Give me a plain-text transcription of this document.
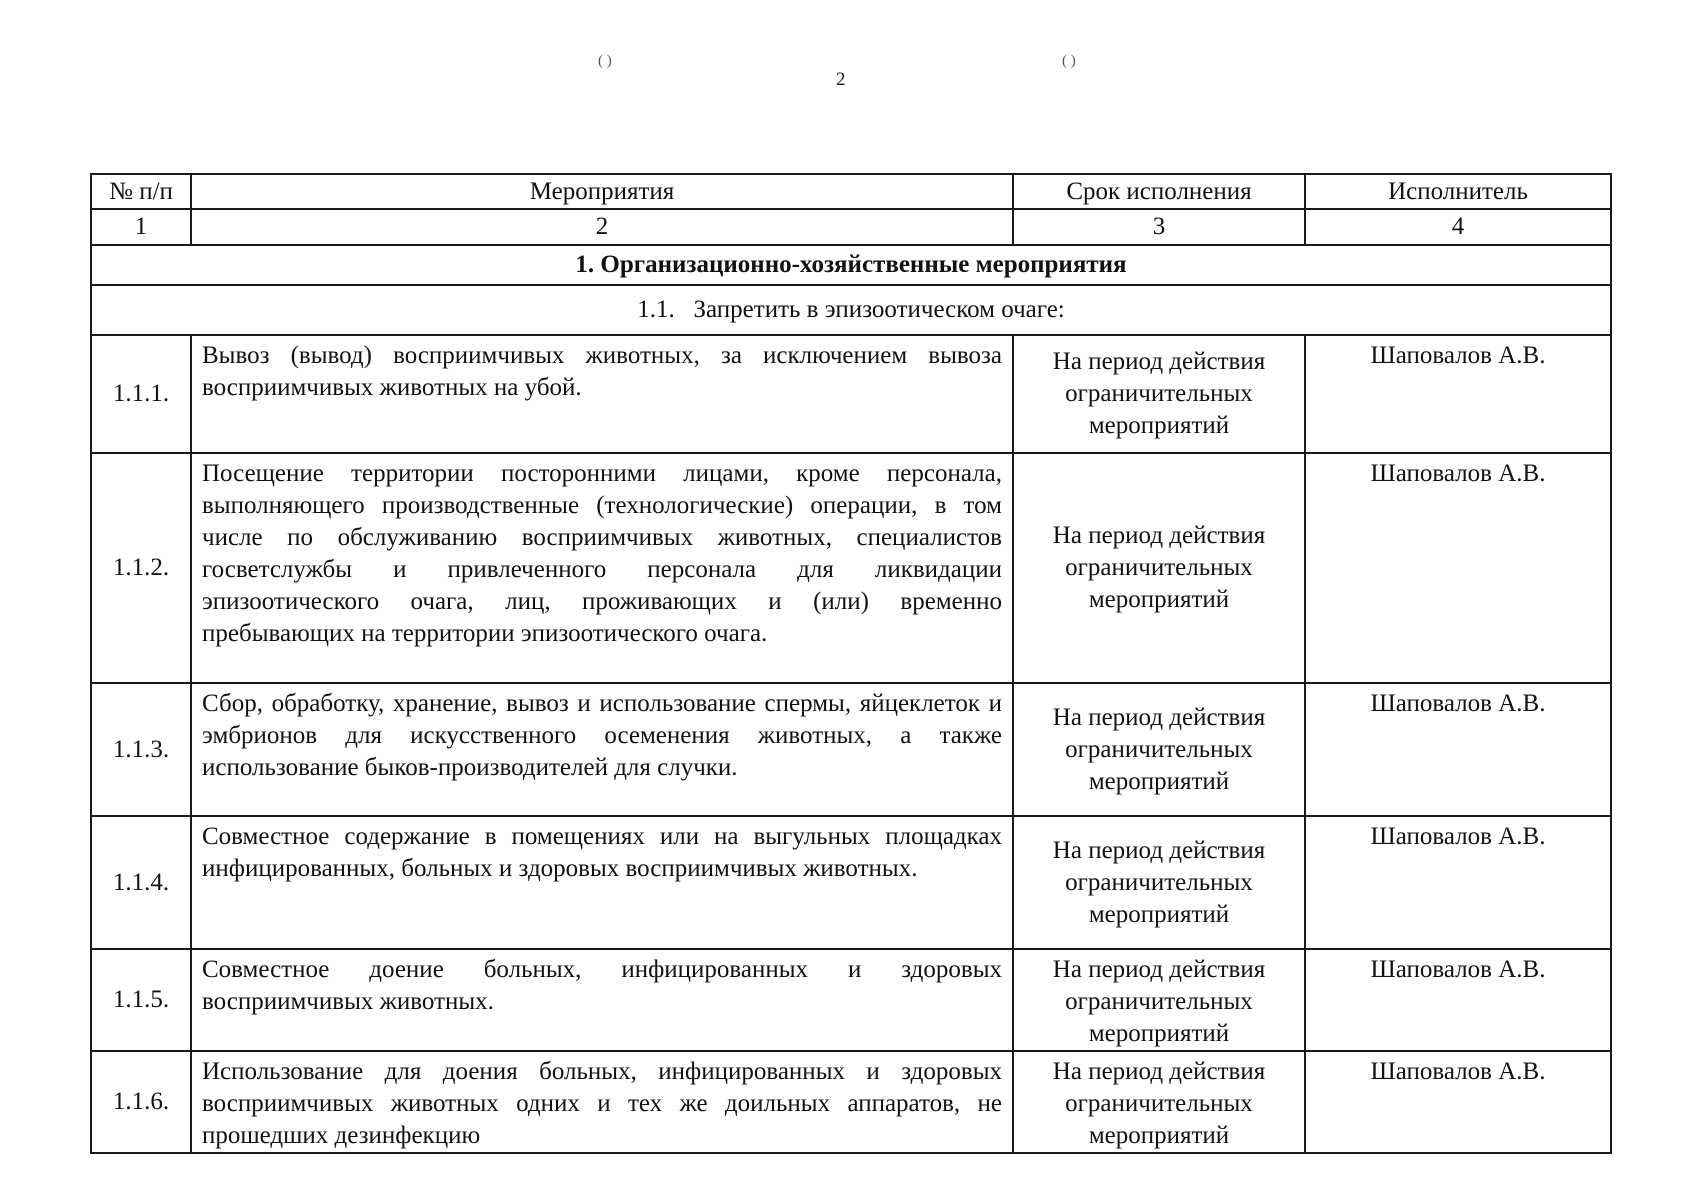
( )	( )
2
№ п/п	Мероприятия	Срок исполнения	Исполнитель
1	2	3	4
1. Организационно-хозяйственные мероприятия			
1.1.   Запретить в эпизоотическом очаге:			
1.1.1.	Вывоз (вывод) восприимчивых животных, за исключением вывоза восприимчивых животных на убой.	На период действия ограничительных мероприятий	Шаповалов А.В.
1.1.2.	Посещение территории посторонними лицами, кроме персонала, выполняющего производственные (технологические) операции, в том числе по обслуживанию восприимчивых животных, специалистов госветслужбы и привлеченного персонала для ликвидации эпизоотического очага, лиц, проживающих и (или) временно пребывающих на территории эпизоотического очага.	На период действия ограничительных мероприятий	Шаповалов А.В.
1.1.3.	Сбор, обработку, хранение, вывоз и использование спермы, яйцеклеток и эмбрионов для искусственного осеменения животных, а также использование быков-производителей для случки.	На период действия ограничительных мероприятий	Шаповалов А.В.
1.1.4.	Совместное содержание в помещениях или на выгульных площадках инфицированных, больных и здоровых восприимчивых животных.	На период действия ограничительных мероприятий	Шаповалов А.В.
1.1.5.	Совместное доение больных, инфицированных и здоровых восприимчивых животных.	На период действия ограничительных мероприятий	Шаповалов А.В.
1.1.6.	Использование для доения больных, инфицированных и здоровых восприимчивых животных одних и тех же доильных аппаратов, не прошедших дезинфекцию	На период действия ограничительных мероприятий	Шаповалов А.В.
